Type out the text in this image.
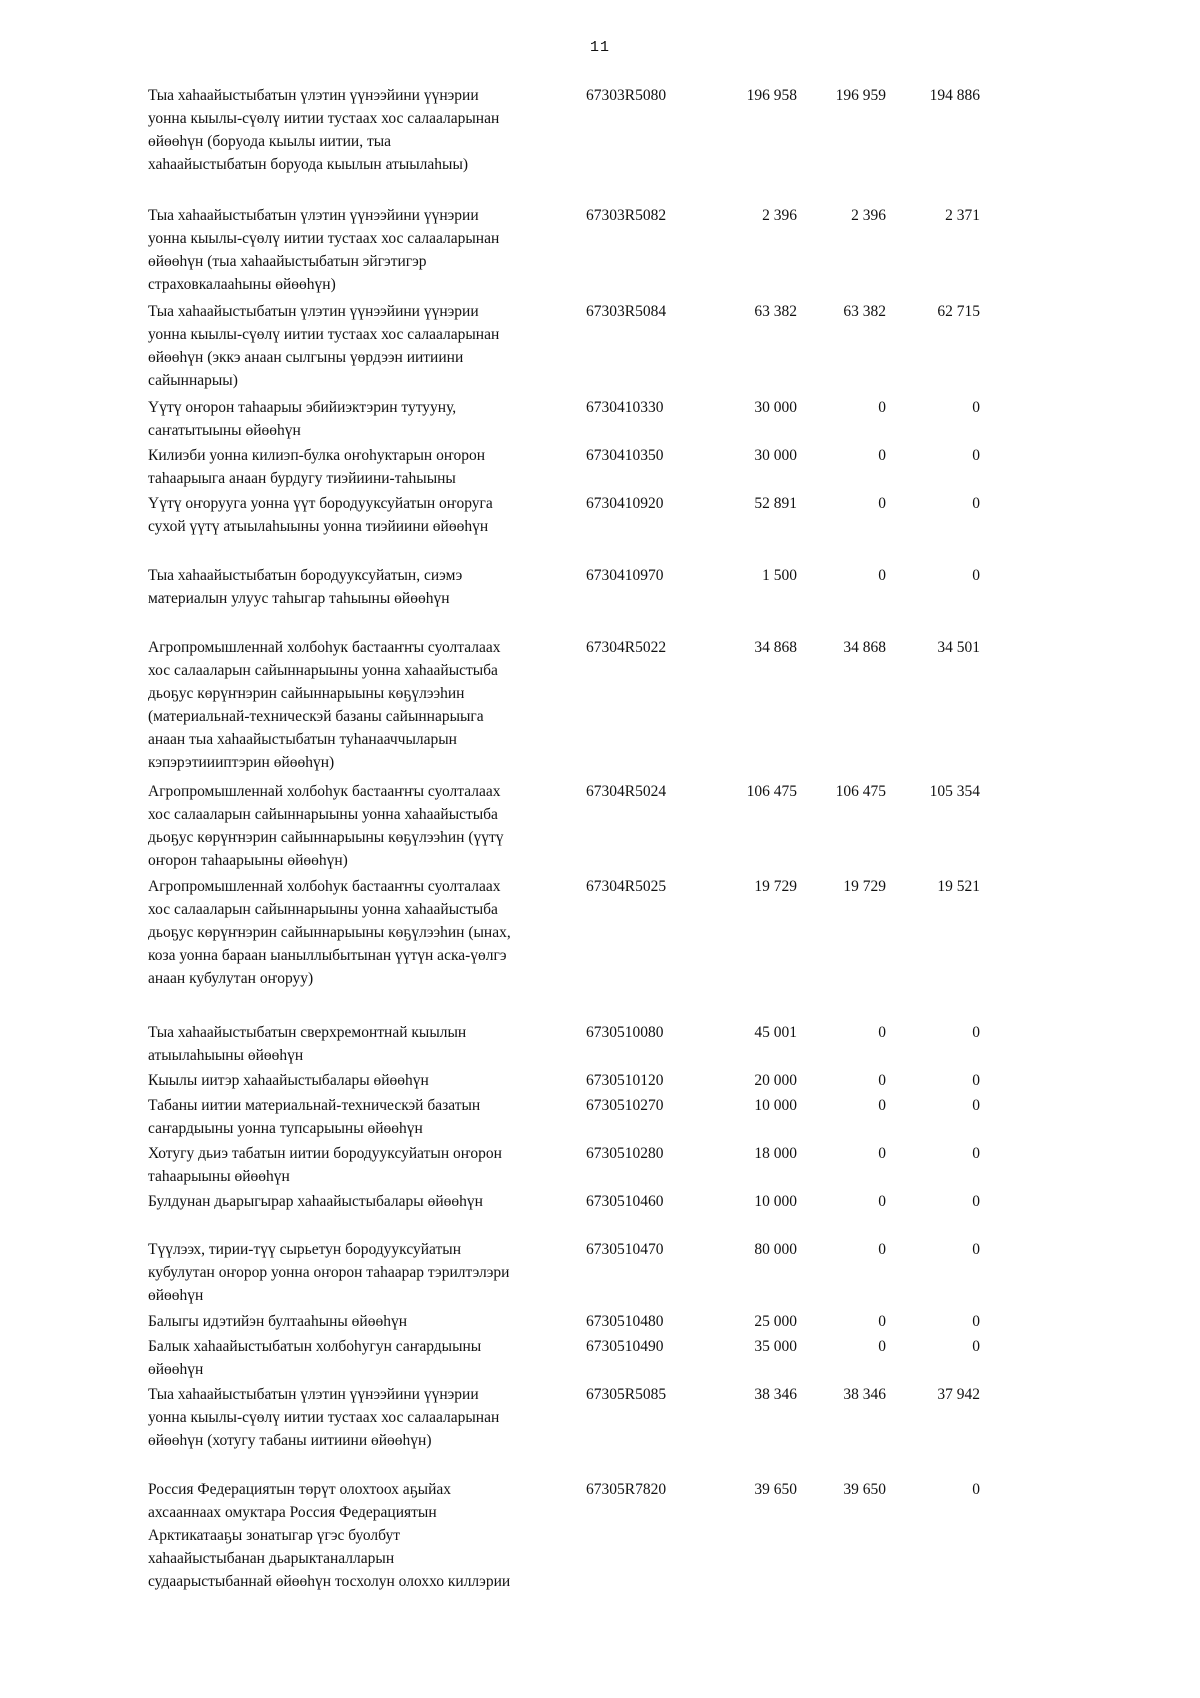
11
Тыа хаһаайыстыбатын үлэтин үүнээйини үүнэрии
уонна кыылы-сүөлү иитии тустаах хос салааларынан
өйөөһүн (боруода кыылы иитии, тыа
хаһаайыстыбатын боруода кыылын атыылаһыы)
67303R5080	196 958	196 959	194 886
Тыа хаһаайыстыбатын үлэтин үүнээйини үүнэрии
уонна кыылы-сүөлү иитии тустаах хос салааларынан
өйөөһүн (тыа хаһаайыстыбатын эйгэтигэр
страховкалааһыны өйөөһүн)
67303R5082	2 396	2 396	2 371
Тыа хаһаайыстыбатын үлэтин үүнээйини үүнэрии
уонна кыылы-сүөлү иитии тустаах хос салааларынан
өйөөһүн (эккэ анаан сылгыны үөрдээн иитиини
сайыннарыы)
67303R5084	63 382	63 382	62 715
Үүтү оҥорон таһаарыы эбийиэктэрин тутууну,
саҥатытыыны өйөөһүн
6730410330	30 000	0	0
Килиэби уонна килиэп-булка оҥоһуктарын оҥорон
таһаарыыга анаан бурдугу тиэйиини-таһыыны
6730410350	30 000	0	0
Үүтү оҥоруугa уонна үүт бородууксуйатын оҥоруга
сухой үүтү атыылаһыыны уонна тиэйиини өйөөһүн
6730410920	52 891	0	0
Тыа хаһаайыстыбатын бородууксуйатын, сиэмэ
материалын улуус таһыгар таһыыны өйөөһүн
6730410970	1 500	0	0
Агропромышленнай холбоһук бастааҥҥы суолталаах
хос салааларын сайыннарыыны уонна хаһаайыстыба
дьоҕус көрүҥнэрин сайыннарыыны көҕүлээһин
(материальнай-техническэй базаны сайыннарыыга
анаан тыа хаһаайыстыбатын туһанааччыларын
кэпэрэтиииптэрин өйөөһүн)
67304R5022	34 868	34 868	34 501
Агропромышленнай холбоһук бастааҥҥы суолталаах
хос салааларын сайыннарыыны уонна хаһаайыстыба
дьоҕус көрүҥнэрин сайыннарыыны көҕүлээһин (үүтү
оҥорон таһаарыыны өйөөһүн)
67304R5024	106 475	106 475	105 354
Агропромышленнай холбоһук бастааҥҥы суолталаах
хос салааларын сайыннарыыны уонна хаһаайыстыба
дьоҕус көрүҥнэрин сайыннарыыны көҕүлээһин (ынах,
коза уонна бараан ыаныллыбытынан үүтүн аска-үөлгэ
анаан кубулутан оҥоруу)
67304R5025	19 729	19 729	19 521
Тыа хаһаайыстыбатын сверхремонтнай кыылын
атыылаһыыны өйөөһүн
6730510080	45 001	0	0
Кыылы иитэр хаһаайыстыбалары өйөөһүн	6730510120	20 000	0	0
Табаны иитии материальнай-техническэй базатын
саҥардыыны уонна тупсарыыны өйөөһүн
6730510270	10 000	0	0
Хотугу дьиэ табатын иитии бородууксуйатын оҥорон
таһаарыыны өйөөһүн
6730510280	18 000	0	0
Булдунан дьарыгырар хаһаайыстыбалары өйөөһүн	6730510460	10 000	0	0
Түүлээх, тирии-түү сырьетун бородууксуйатын
кубулутан оҥорор уонна оҥорон таһаарар тэрилтэлэри
өйөөһүн
6730510470	80 000	0	0
Балыгы идэтийэн бултааһыны өйөөһүн	6730510480	25 000	0	0
Балык хаһаайыстыбатын холбоһугун саҥардыыны
өйөөһүн
6730510490	35 000	0	0
Тыа хаһаайыстыбатын үлэтин үүнээйини үүнэрии
уонна кыылы-сүөлү иитии тустаах хос салааларынан
өйөөһүн (хотугу табаны иитиини өйөөһүн)
67305R5085	38 346	38 346	37 942
Россия Федерациятын төрүт олохтоох аҕыйах
ахсааннаах омуктара Россия Федерациятын
Арктикатааҕы зонатыгар үгэс буолбут
хаһаайыстыбанан дьарыктаналларын
судаарыстыбаннай өйөөһүн тосхолун олоххо киллэрии
67305R7820	39 650	39 650	0
